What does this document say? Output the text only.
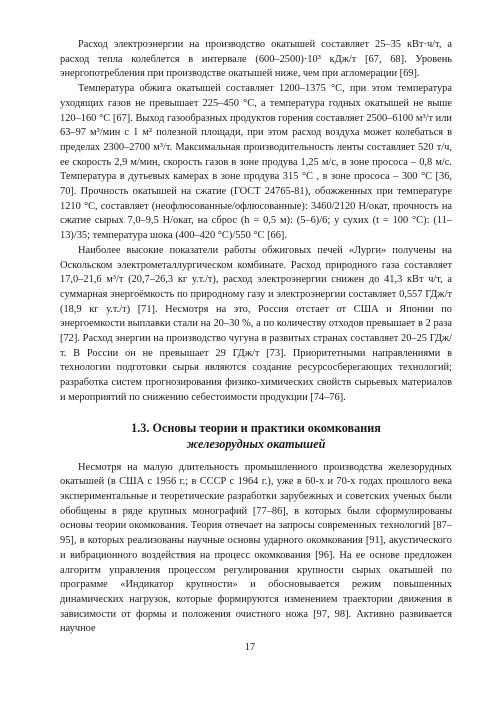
Расход электроэнергии на производство окатышей составляет 25–35 кВт·ч/т, а расход тепла колеблется в интервале (600–2500)·10³ кДж/т [67, 68]. Уровень энергопотребления при производстве окатышей ниже, чем при агломерации [69].

Температура обжига окатышей составляет 1200–1375 °С, при этом температура уходящих газов не превышает 225–450 °С, а температура годных окатышей не выше 120–160 °С [67]. Выход газообразных продуктов горения составляет 2500–6100 м³/т или 63–97 м³/мин с 1 м² полезной площади, при этом расход воздуха может колебаться в пределах 2300–2700 м³/т. Максимальная производительность ленты составляет 520 т/ч, ее скорость 2,9 м/мин, скорость газов в зоне продува 1,25 м/с, в зоне прососа – 0,8 м/с. Температура в дутьевых камерах в зоне продува 315 °С , в зоне прососа – 300 °С [36, 70]. Прочность окатышей на сжатие (ГОСТ 24765-81), обожженных при температуре 1210 °С, составляет (неофлюсованные/офлюсованные): 3460/2120 Н/окат, прочность на сжатие сырых 7,0–9,5 Н/окат, на сброс (h = 0,5 м): (5–6)/6; у сухих (t = 100 °С): (11–13)/35; температура шока (400–420 °С)/550 °С [66].

Наиболее высокие показатели работы обжиговых печей «Лурги» получены на Оскольском электрометаллургическом комбинате. Расход природного газа составляет 17,0–21,6 м³/т (20,7–26,3 кг у.т./т), расход электроэнергии снижен до 41,3 кВт ч/т, а суммарная энергоёмкость по природному газу и электроэнергии составляет 0,557 ГДж/т (18,9 кг у.т./т) [71]. Несмотря на это, Россия отстает от США и Японии по энергоемкости выплавки стали на 20–30 %, а по количеству отходов превышает в 2 раза [72]. Расход энергии на производство чугуна в развитых странах составляет 20–25 ГДж/т. В России он не превышает 29 ГДж/т [73]. Приоритетными направлениями в технологии подготовки сырья являются создание ресурсосберегающих технологий; разработка систем прогнозирования физико-химических свойств сырьевых материалов и мероприятий по снижению себестоимости продукции [74–76].

1.3. Основы теории и практики окомкования
железорудных окатышей

Несмотря на малую длительность промышленного производства железорудных окатышей (в США с 1956 г.; в СССР с 1964 г.), уже в 60-х и 70-х годах прошлого века экспериментальные и теоретические разработки зарубежных и советских ученых были обобщены в ряде крупных монографий [77–86], в которых были сформулированы основы теории окомкования. Теория отвечает на запросы современных технологий [87–95], в которых реализованы научные основы ударного окомкования [91], акустического и вибрационного воздействия на процесс окомкования [96]. На ее основе предложен алгоритм управления процессом регулирования крупности сырых окатышей по программе «Индикатор крупности» и обосновывается режим повышенных динамических нагрузок, которые формируются изменением траектории движения в зависимости от формы и положения очистного ножа [97, 98]. Активно развивается научное

17
